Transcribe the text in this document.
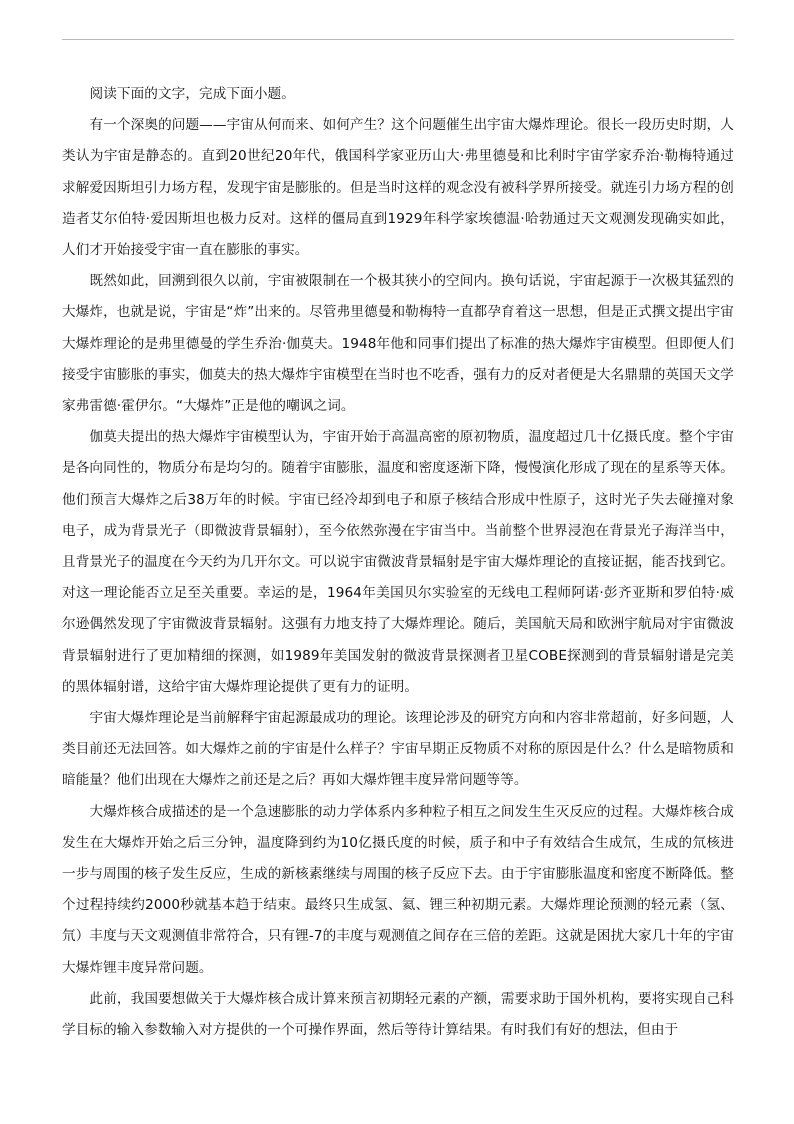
阅读下面的文字，完成下面小题。

有一个深奥的问题——宇宙从何而来、如何产生？这个问题催生出宇宙大爆炸理论。很长一段历史时期，人类认为宇宙是静态的。直到20世纪20年代，俄国科学家亚历山大·弗里德曼和比利时宇宙学家乔治·勒梅特通过求解爱因斯坦引力场方程，发现宇宙是膨胀的。但是当时这样的观念没有被科学界所接受。就连引力场方程的创造者艾尔伯特·爱因斯坦也极力反对。这样的僵局直到1929年科学家埃德温·哈勃通过天文观测发现确实如此，人们才开始接受宇宙一直在膨胀的事实。

既然如此，回溯到很久以前，宇宙被限制在一个极其狭小的空间内。换句话说，宇宙起源于一次极其猛烈的大爆炸，也就是说，宇宙是“炸”出来的。尽管弗里德曼和勒梅特一直都孕育着这一思想，但是正式撰文提出宇宙大爆炸理论的是弗里德曼的学生乔治·伽莫夫。1948年他和同事们提出了标准的热大爆炸宇宙模型。但即便人们接受宇宙膨胀的事实，伽莫夫的热大爆炸宇宙模型在当时也不吃香，强有力的反对者便是大名鼎鼎的英国天文学家弗雷德·霍伊尔。“大爆炸”正是他的嘲讽之词。

伽莫夫提出的热大爆炸宇宙模型认为，宇宙开始于高温高密的原初物质，温度超过几十亿摄氏度。整个宇宙是各向同性的，物质分布是均匀的。随着宇宙膨胀，温度和密度逐渐下降，慢慢演化形成了现在的星系等天体。他们预言大爆炸之后38万年的时候。宇宙已经冷却到电子和原子核结合形成中性原子，这时光子失去碰撞对象电子，成为背景光子（即微波背景辐射），至今依然弥漫在宇宙当中。当前整个世界浸泡在背景光子海洋当中，且背景光子的温度在今天约为几开尔文。可以说宇宙微波背景辐射是宇宙大爆炸理论的直接证据，能否找到它。对这一理论能否立足至关重要。幸运的是，1964年美国贝尔实验室的无线电工程师阿诺·彭齐亚斯和罗伯特·威尔逊偶然发现了宇宙微波背景辐射。这强有力地支持了大爆炸理论。随后，美国航天局和欧洲宇航局对宇宙微波背景辐射进行了更加精细的探测，如1989年美国发射的微波背景探测者卫星COBE探测到的背景辐射谱是完美的黑体辐射谱，这给宇宙大爆炸理论提供了更有力的证明。

宇宙大爆炸理论是当前解释宇宙起源最成功的理论。该理论涉及的研究方向和内容非常超前，好多问题，人类目前还无法回答。如大爆炸之前的宇宙是什么样子？宇宙早期正反物质不对称的原因是什么？什么是暗物质和暗能量？他们出现在大爆炸之前还是之后？再如大爆炸锂丰度异常问题等等。

大爆炸核合成描述的是一个急速膨胀的动力学体系内多种粒子相互之间发生生灭反应的过程。大爆炸核合成发生在大爆炸开始之后三分钟，温度降到约为10亿摄氏度的时候，质子和中子有效结合生成氘，生成的氘核进一步与周围的核子发生反应，生成的新核素继续与周围的核子反应下去。由于宇宙膨胀温度和密度不断降低。整个过程持续约2000秒就基本趋于结束。最终只生成氢、氦、锂三种初期元素。大爆炸理论预测的轻元素（氢、氘）丰度与天文观测值非常符合，只有锂-7的丰度与观测值之间存在三倍的差距。这就是困扰大家几十年的宇宙大爆炸锂丰度异常问题。

此前，我国要想做关于大爆炸核合成计算来预言初期轻元素的产额，需要求助于国外机构，要将实现自己科学目标的输入参数输入对方提供的一个可操作界面，然后等待计算结果。有时我们有好的想法，但由于
